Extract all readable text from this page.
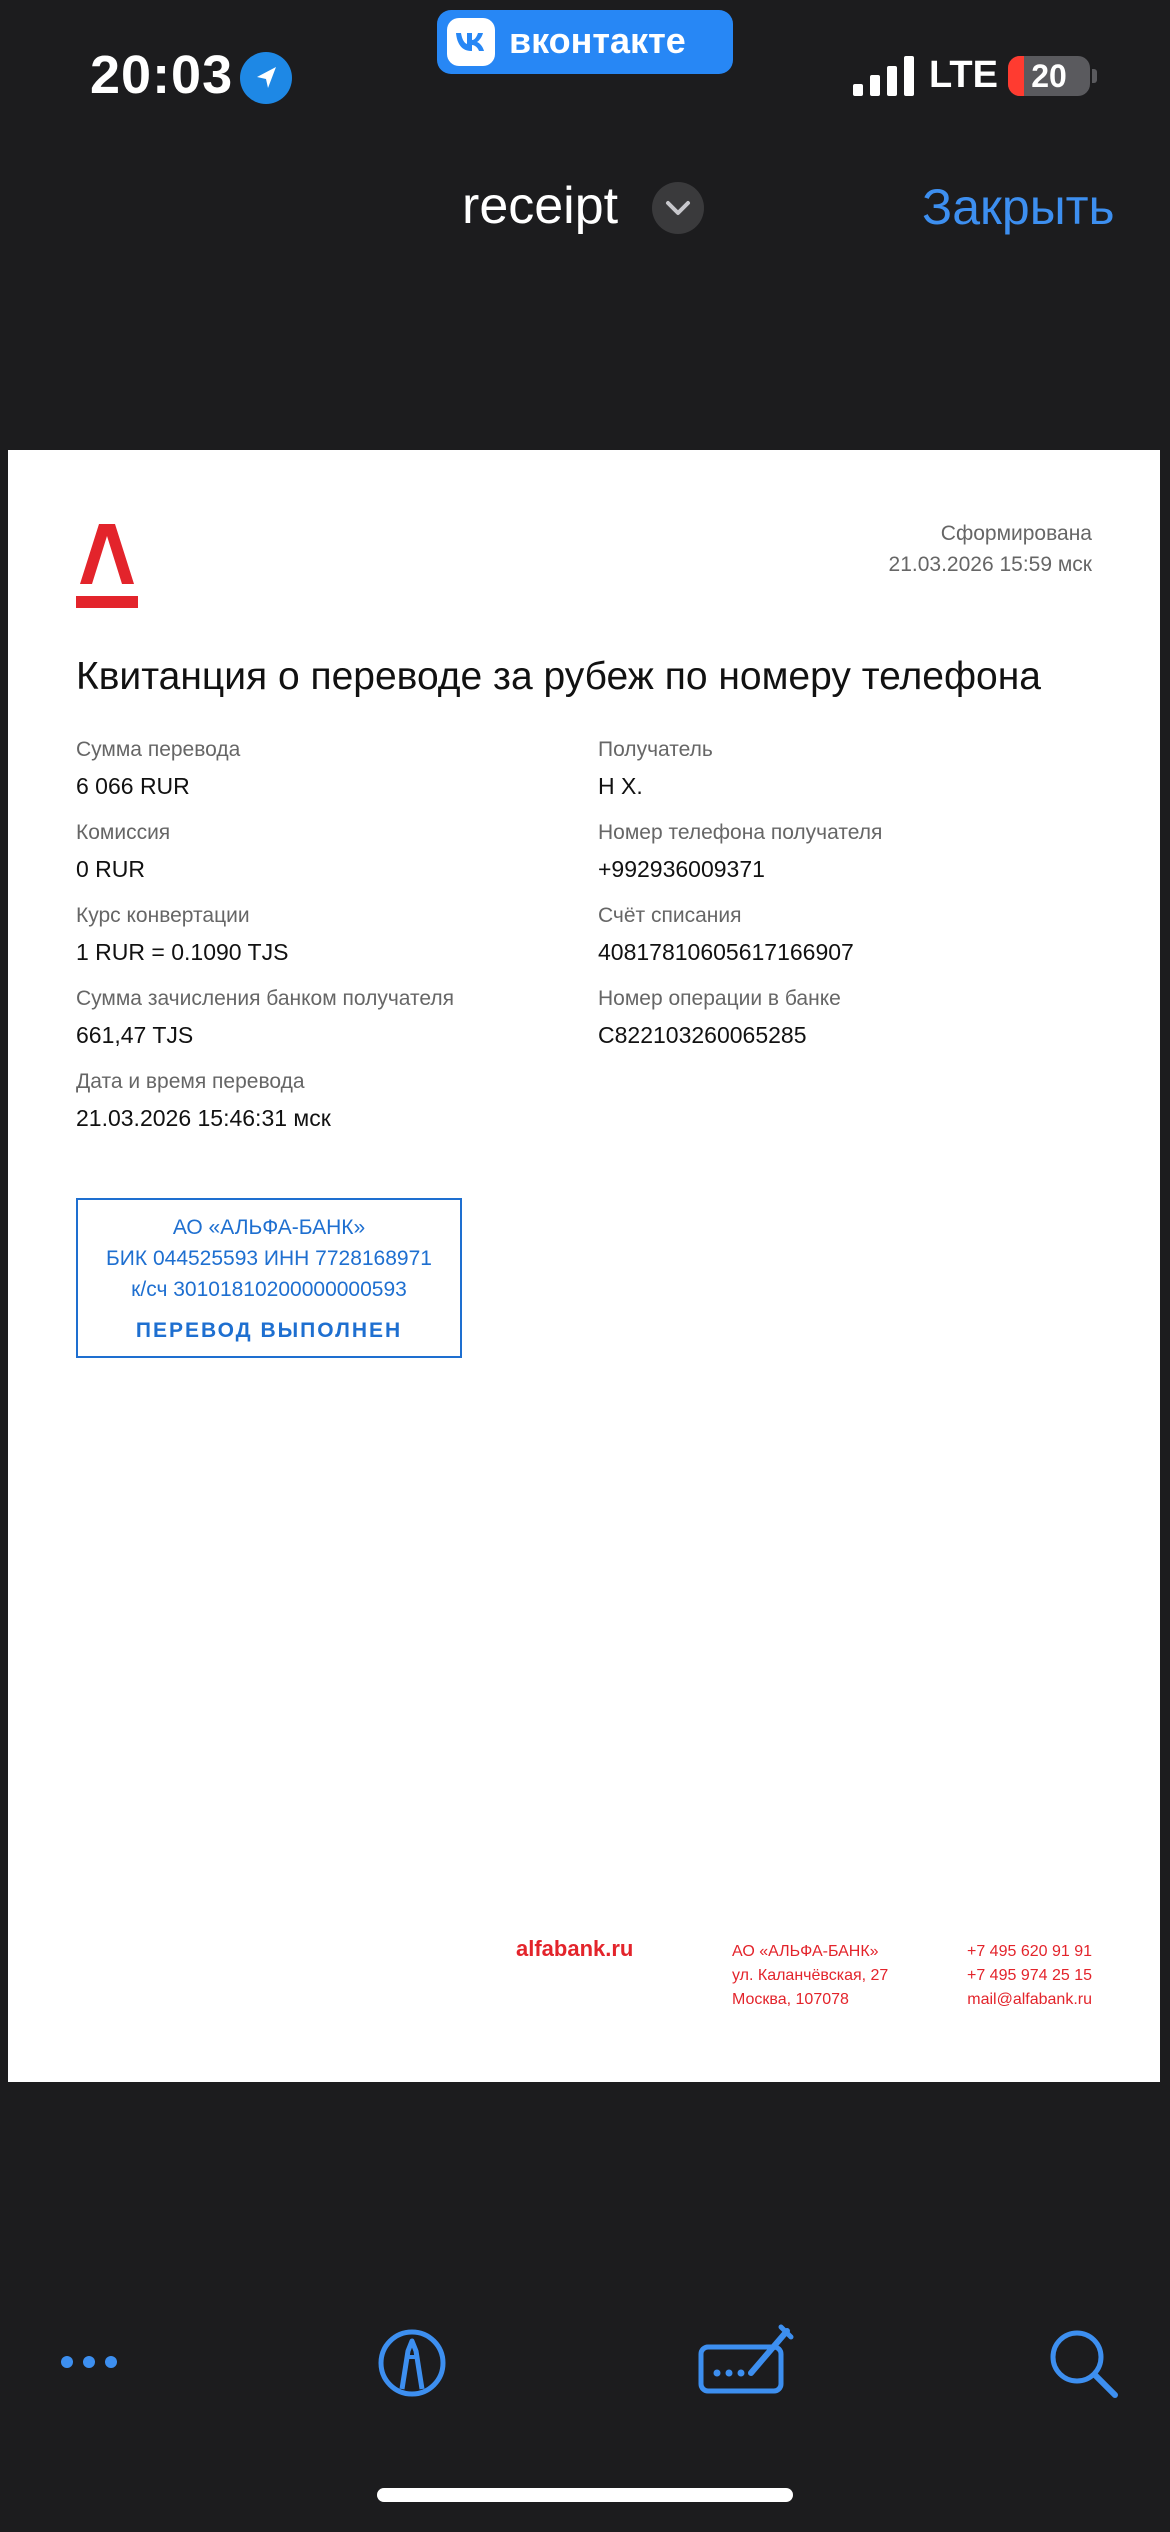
20:03
вконтакте
LTE	20
receipt	Закрыть
Сформирована
21.03.2026 15:59 мск
Квитанция о переводе за рубеж по номеру телефона
Сумма перевода
6 066 RUR
Комиссия
0 RUR
Курс конвертации
1 RUR = 0.1090 TJS
Сумма зачисления банком получателя
661,47 TJS
Дата и время перевода
21.03.2026 15:46:31 мск
Получатель
Н Х.
Номер телефона получателя
+992936009371
Счёт списания
40817810605617166907
Номер операции в банке
C822103260065285
АО «АЛЬФА-БАНК»
БИК 044525593 ИНН 7728168971
к/сч 30101810200000000593
ПЕРЕВОД ВЫПОЛНЕН
alfabank.ru	АО «АЛЬФА-БАНК»
ул. Каланчёвская, 27
Москва, 107078
+7 495 620 91 91
+7 495 974 25 15
mail@alfabank.ru
